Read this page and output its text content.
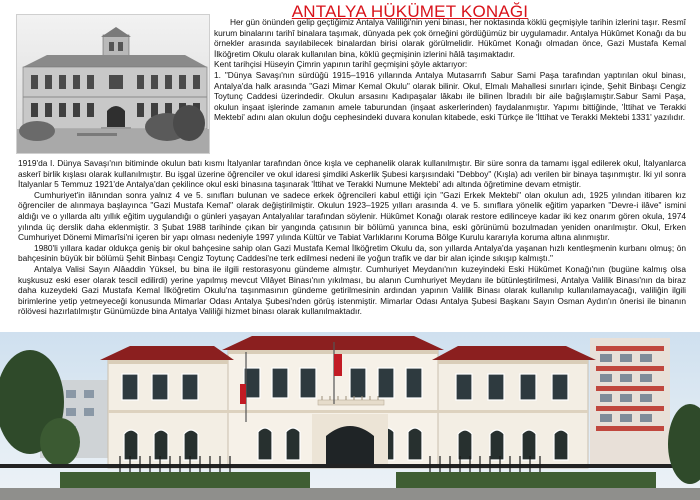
ANTALYA HÜKÜMET KONAĞI

Her gün önünden gelip geçtiğimiz Antalya Valiliği'nin yeni binası, her noktasında köklü geçmişiyle tarihin izlerini taşır. Resmî kurum binalarını tarihî binalara taşımak, dünyada pek çok örneğini gördüğümüz bir uygulamadır. Antalya Hükûmet Konağı da bu örnekler arasında sayılabilecek binalardan birisi olarak görülmelidir. Hükûmet Konağı olmadan önce, Gazi Mustafa Kemal İlköğretim Okulu olarak kullanılan bina, köklü geçmişinin izlerini hâlâ taşımaktadır.

Kent tarihçisi Hüseyin Çimrin yapının tarihî geçmişini şöyle aktarıyor:

1. "Dünya Savaşı'nın sürdüğü 1915–1916 yıllarında Antalya Mutasarrıfı Sabur Sami Paşa tarafından yaptırılan okul binası, Antalya'da halk arasında "Gazi Mimar Kemal Okulu" olarak bilinir. Okul, Elmalı Mahallesi sınırları içinde, Şehit Binbaşı Cengiz Toytunç Caddesi üzerindedir. Okulun arsasını Kadıpaşalar lâkabı ile bilinen İbradılı bir aile bağışlamıştır.Sabur Sami Paşa, okulun inşaat işlerinde zamanın amele taburundan (inşaat askerlerinden) faydalanmıştır. Yapımı bittiğinde, 'İttihat ve Terakki Mektebi' adını alan okulun doğu cephesindeki duvara konulan kitabede, eski Türkçe ile 'İttihat ve Terakki Mektebi 1331' yazılıdır.

1919'da I. Dünya Savaşı'nın bitiminde okulun batı kısmı İtalyanlar tarafından önce kışla ve cephanelik olarak kullanılmıştır. Bir süre sonra da tamamı işgal edilerek okul, İtalyanlarca askerî birlik kışlası olarak kullanılmıştır. Bu işgal üzerine öğrenciler ve okul idaresi şimdiki Askerlik Şubesi karşısındaki "Debboy" (Kışla) adı verilen bir binaya taşınmıştır. İki yıl sonra İtalyanlar 5 Temmuz 1921'de Antalya'dan çekilince okul eski binasına taşınarak 'İttihat ve Terakki Numune Mektebi' adı altında öğretimine devam etmiştir.

Cumhuriyet'in ilânından sonra yalnız 4 ve 5. sınıfları bulunan ve sadece erkek öğrencileri kabul ettiği için "Gazi Erkek Mektebi" olan okulun adı, 1925 yılından itibaren kız öğrenciler de alınmaya başlayınca "Gazi Mustafa Kemal" olarak değiştirilmiştir. Okulun 1923–1925 yılları arasında 4. ve 5. sınıflara yönelik eğitim yaparken "Devre-i ilâve" ismini aldığı ve o yıllarda altı yıllık eğitim uygulandığı o günleri yaşayan Antalyalılar tarafından söylenir. Hükûmet Konağı olarak restore edilinceye kadar iki kez onarım gören okula, 1974 yılında üç derslik daha eklenmiştir. 3 Şubat 1988 tarihinde çıkan bir yangında çatısının bir bölümü yanınca bina, eski görünümü bozulmadan yeniden onarılmıştır. Okul, Erken Cumhuriyet Dönemi Mimarîsi'ni içeren bir yapı olması nedeniyle 1997 yılında Kültür ve Tabiat Varlıklarını Koruma Bölge Kurulu kararıyla koruma altına alınmıştır.

1980'li yıllara kadar oldukça geniş bir okul bahçesine sahip olan Gazi Mustafa Kemal İlköğretim Okulu da, son yıllarda Antalya'da yaşanan hızlı kentleşmenin kurbanı olmuş; ön bahçesinin büyük bir bölümü Şehit Binbaşı Cengiz Toytunç Caddesi'ne terk edilmesi nedeni ile yoğun trafik ve dar bir alan içinde sıkışıp kalmıştı."

Antalya Valisi Sayın Alâaddin Yüksel, bu bina ile ilgili restorasyonu gündeme almıştır. Cumhuriyet Meydanı'nın kuzeyindeki Eski Hükûmet Konağı'nın (bugüne kalmış olsa kuşkusuz eski eser olarak tescil edilirdi) yerine yapılmış mevcut Vilâyet Binası'nın yıkılması, bu alanın Cumhuriyet Meydanı ile bütünleştirilmesi, Antalya Valilik Binası'nın da biraz daha kuzeydeki Gazi Mustafa Kemal İlköğretim Okulu'na taşınmasının gündeme getirilmesinin ardından yapının Valilik Binası olarak kullanılıp kullanılamayacağı, valiliğin ilgili birimlerine yetip yetmeyeceği konusunda Mimarlar Odası Antalya Şubesi'nden görüş istenmiştir. Mimarlar Odası Antalya Şubesi Başkanı Sayın Osman Aydın'ın önerisi ile binanın rölövesi hazırlatılmıştır Günümüzde bina Antalya Valiliği hizmet binası olarak kullanılmaktadır.
